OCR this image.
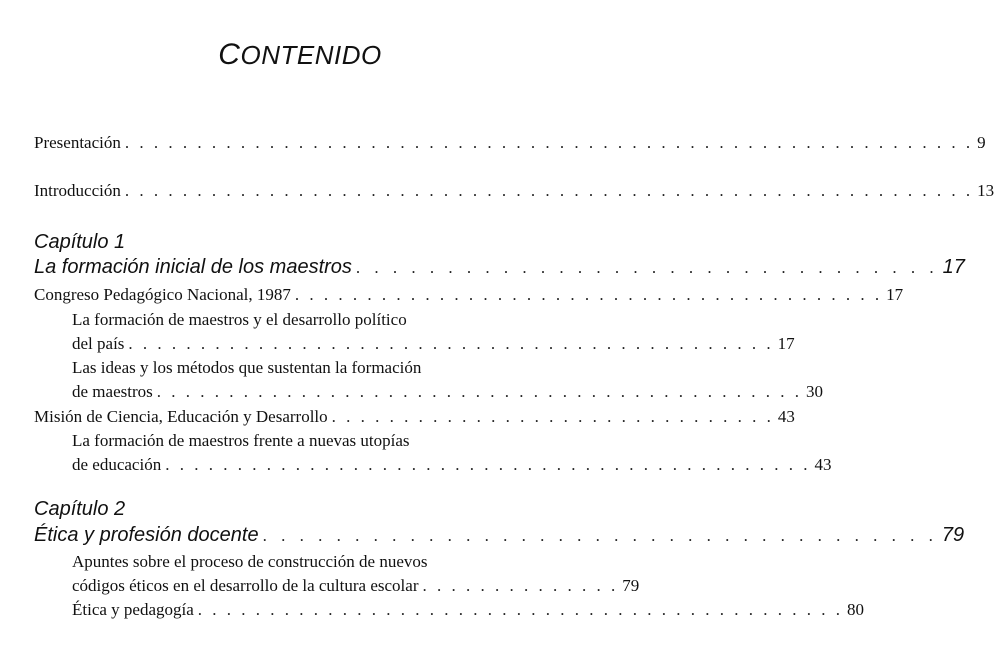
CONTENIDO
Presentación . . . . . . . . . . . . . . . . . . . . . . . . . . . . . . . . . . . . . . . . . . . . . . . . . . . . . . . . . . . 9
Introducción . . . . . . . . . . . . . . . . . . . . . . . . . . . . . . . . . . . . . . . . . . . . . . . . . . . . . . . . . . . 13
Capítulo 1
La formación inicial de los maestros . . . . . . . . . . . . . . . . . . . . . . . . . . . . . . . . 17
Congreso Pedagógico Nacional, 1987 . . . . . . . . . . . . . . . . . . . . . . . . . . . . . . . . . . . . . . . . . 17
La formación de maestros y el desarrollo político
del país . . . . . . . . . . . . . . . . . . . . . . . . . . . . . . . . . . . . . . . . . . . . . 17
Las ideas y los métodos que sustentan la formación
de maestros . . . . . . . . . . . . . . . . . . . . . . . . . . . . . . . . . . . . . . . . . . . . . 30
Misión de Ciencia, Educación y Desarrollo . . . . . . . . . . . . . . . . . . . . . . . . . . . . . . . 43
La formación de maestros frente a nuevas utopías
de educación . . . . . . . . . . . . . . . . . . . . . . . . . . . . . . . . . . . . . . . . . . . . . 43
Capítulo 2
Ética y profesión docente . . . . . . . . . . . . . . . . . . . . . . . . . . . . . . . . . . . . . 79
Apuntes sobre el proceso de construcción de nuevos
códigos éticos en el desarrollo de la cultura escolar . . . . . . . . . . . . . . 79
Ética y pedagogía . . . . . . . . . . . . . . . . . . . . . . . . . . . . . . . . . . . . . . . . . . . . . 80
